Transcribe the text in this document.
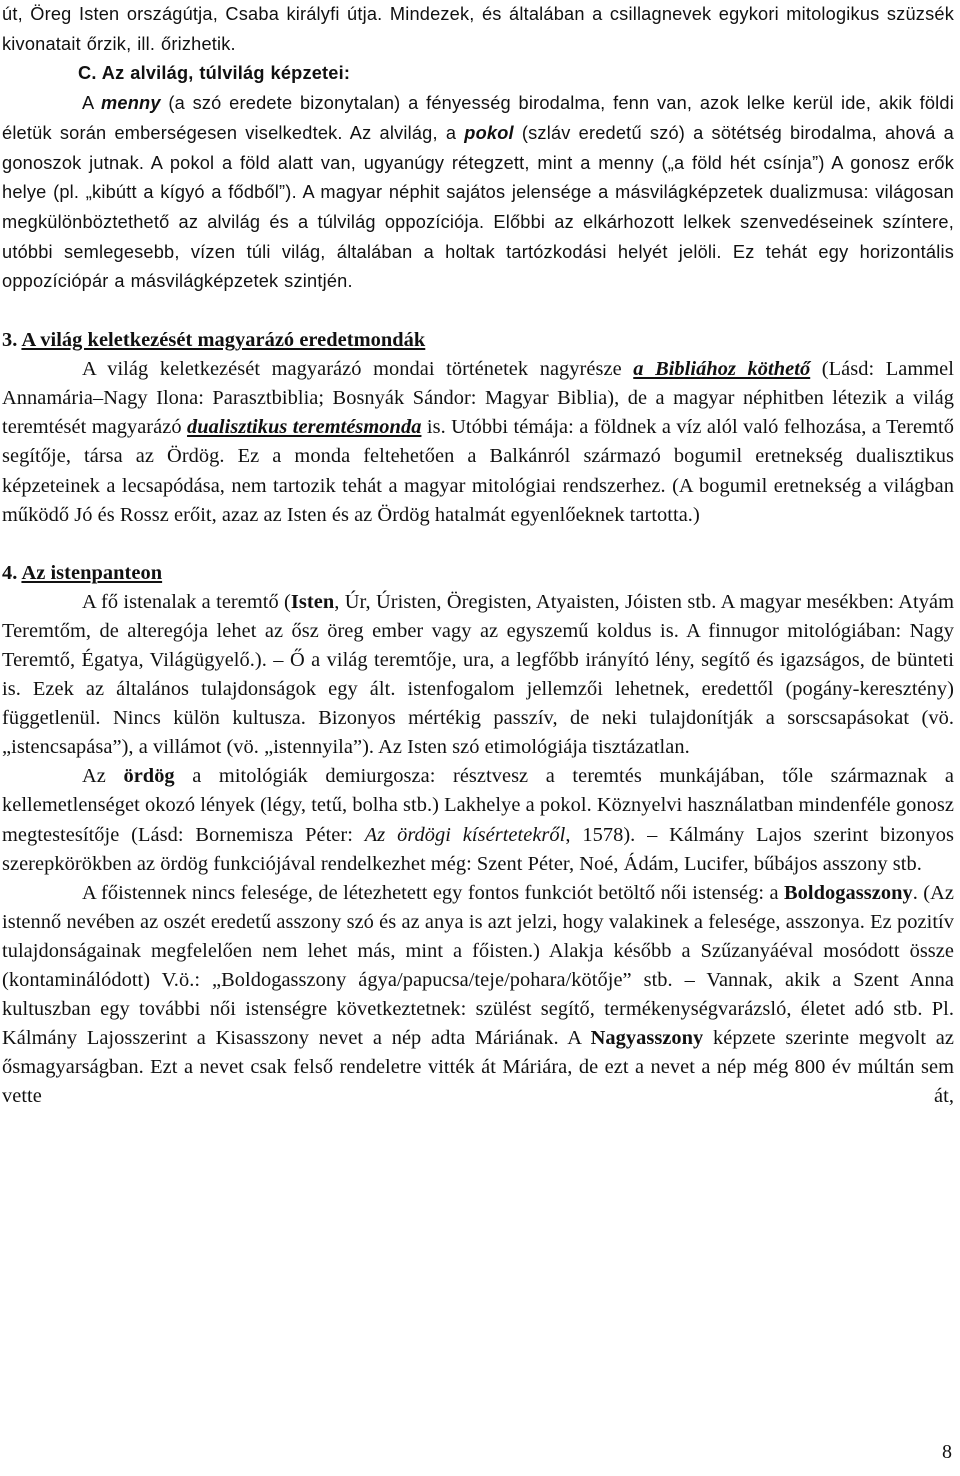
út, Öreg Isten országútja, Csaba királyfi útja. Mindezek, és általában a csillagnevek egykori mitologikus szüzsék kivonatait őrzik, ill. őrizhetik.

C. Az alvilág, túlvilág képzetei:

A menny (a szó eredete bizonytalan) a fényesség birodalma, fenn van, azok lelke kerül ide, akik földi életük során emberségesen viselkedtek. Az alvilág, a pokol (szláv eredetű szó) a sötétség birodalma, ahová a gonoszok jutnak. A pokol a föld alatt van, ugyanúgy rétegzett, mint a menny („a föld hét csínja”) A gonosz erők helye (pl. „kibútt a kígyó a fődből”). A magyar néphit sajátos jelensége a másvilágképzetek dualizmusa: világosan megkülönböztethető az alvilág és a túlvilág oppozíciója. Előbbi az elkárhozott lelkek szenvedéseinek színtere, utóbbi semlegesebb, vízen túli világ, általában a holtak tartózkodási helyét jelöli. Ez tehát egy horizontális oppozíciópár a másvilágképzetek szintjén.

3. A világ keletkezését magyarázó eredetmondák

A világ keletkezését magyarázó mondai történetek nagyrésze a Bibliához köthető (Lásd: Lammel Annamária–Nagy Ilona: Parasztbiblia; Bosnyák Sándor: Magyar Biblia), de a magyar néphitben létezik a világ teremtését magyarázó dualisztikus teremtésmonda is. Utóbbi témája: a földnek a víz alól való felhozása, a Teremtő segítője, társa az Ördög. Ez a monda feltehetően a Balkánról származó bogumil eretnekség dualisztikus képzeteinek a lecsapódása, nem tartozik tehát a magyar mitológiai rendszerhez. (A bogumil eretnekség a világban működő Jó és Rossz erőit, azaz az Isten és az Ördög hatalmát egyenlőeknek tartotta.)

4. Az istenpanteon

A fő istenalak a teremtő (Isten, Úr, Úristen, Öregisten, Atyaisten, Jóisten stb. A magyar mesékben: Atyám Teremtőm, de alteregója lehet az ősz öreg ember vagy az egyszemű koldus is. A finnugor mitológiában: Nagy Teremtő, Égatya, Világügyelő.). – Ő a világ teremtője, ura, a legfőbb irányító lény, segítő és igazságos, de bünteti is. Ezek az általános tulajdonságok egy ált. istenfogalom jellemzői lehetnek, eredettől (pogány-keresztény) függetlenül. Nincs külön kultusza. Bizonyos mértékig passzív, de neki tulajdonítják a sorscsapásokat (vö. „istencsapása”), a villámot (vö. „istennyila”). Az Isten szó etimológiája tisztázatlan.

Az ördög a mitológiák demiurgosza: résztvesz a teremtés munkájában, tőle származnak a kellemetlenséget okozó lények (légy, tetű, bolha stb.) Lakhelye a pokol. Köznyelvi használatban mindenféle gonosz megtestesítője (Lásd: Bornemisza Péter: Az ördögi kísértetekről, 1578). – Kálmány Lajos szerint bizonyos szerepkörökben az ördög funkciójával rendelkezhet még: Szent Péter, Noé, Ádám, Lucifer, bűbájos asszony stb.

A főistennek nincs felesége, de létezhetett egy fontos funkciót betöltő női istenség: a Boldogasszony. (Az istennő nevében az oszét eredetű asszony szó és az anya is azt jelzi, hogy valakinek a felesége, asszonya. Ez pozitív tulajdonságainak megfelelően nem lehet más, mint a főisten.) Alakja később a Szűzanyáéval mosódott össze (kontaminálódott) V.ö.: „Boldogasszony ágya/papucsa/teje/pohara/kötője” stb. – Vannak, akik a Szent Anna kultuszban egy további női istenségre következtetnek: szülést segítő, termékenységvarázsló, életet adó stb. Pl. Kálmány Lajosszerint a Kisasszony nevet a nép adta Máriának. A Nagyasszony képzete szerinte megvolt az ősmagyarságban. Ezt a nevet csak felső rendeletre vitték át Máriára, de ezt a nevet a nép még 800 év múltán sem vette át,

8
